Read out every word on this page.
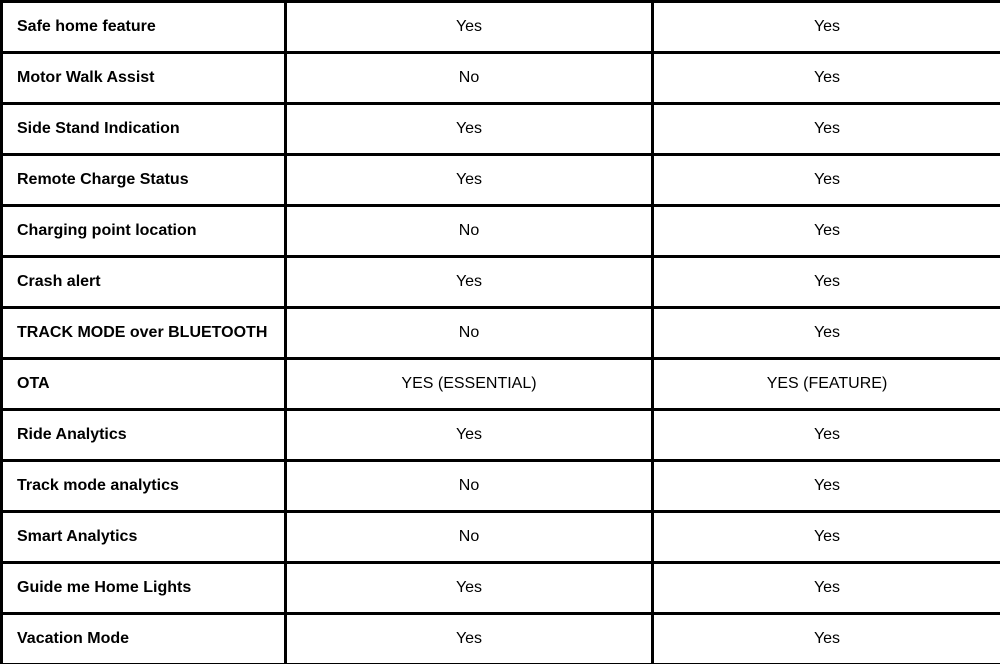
Safe home feature	Yes	Yes
Motor Walk Assist	No	Yes
Side Stand Indication	Yes	Yes
Remote Charge Status	Yes	Yes
Charging point location	No	Yes
Crash alert	Yes	Yes
TRACK MODE over BLUETOOTH	No	Yes
OTA	YES (ESSENTIAL)	YES (FEATURE)
Ride Analytics	Yes	Yes
Track mode analytics	No	Yes
Smart Analytics	No	Yes
Guide me Home Lights	Yes	Yes
Vacation Mode	Yes	Yes
